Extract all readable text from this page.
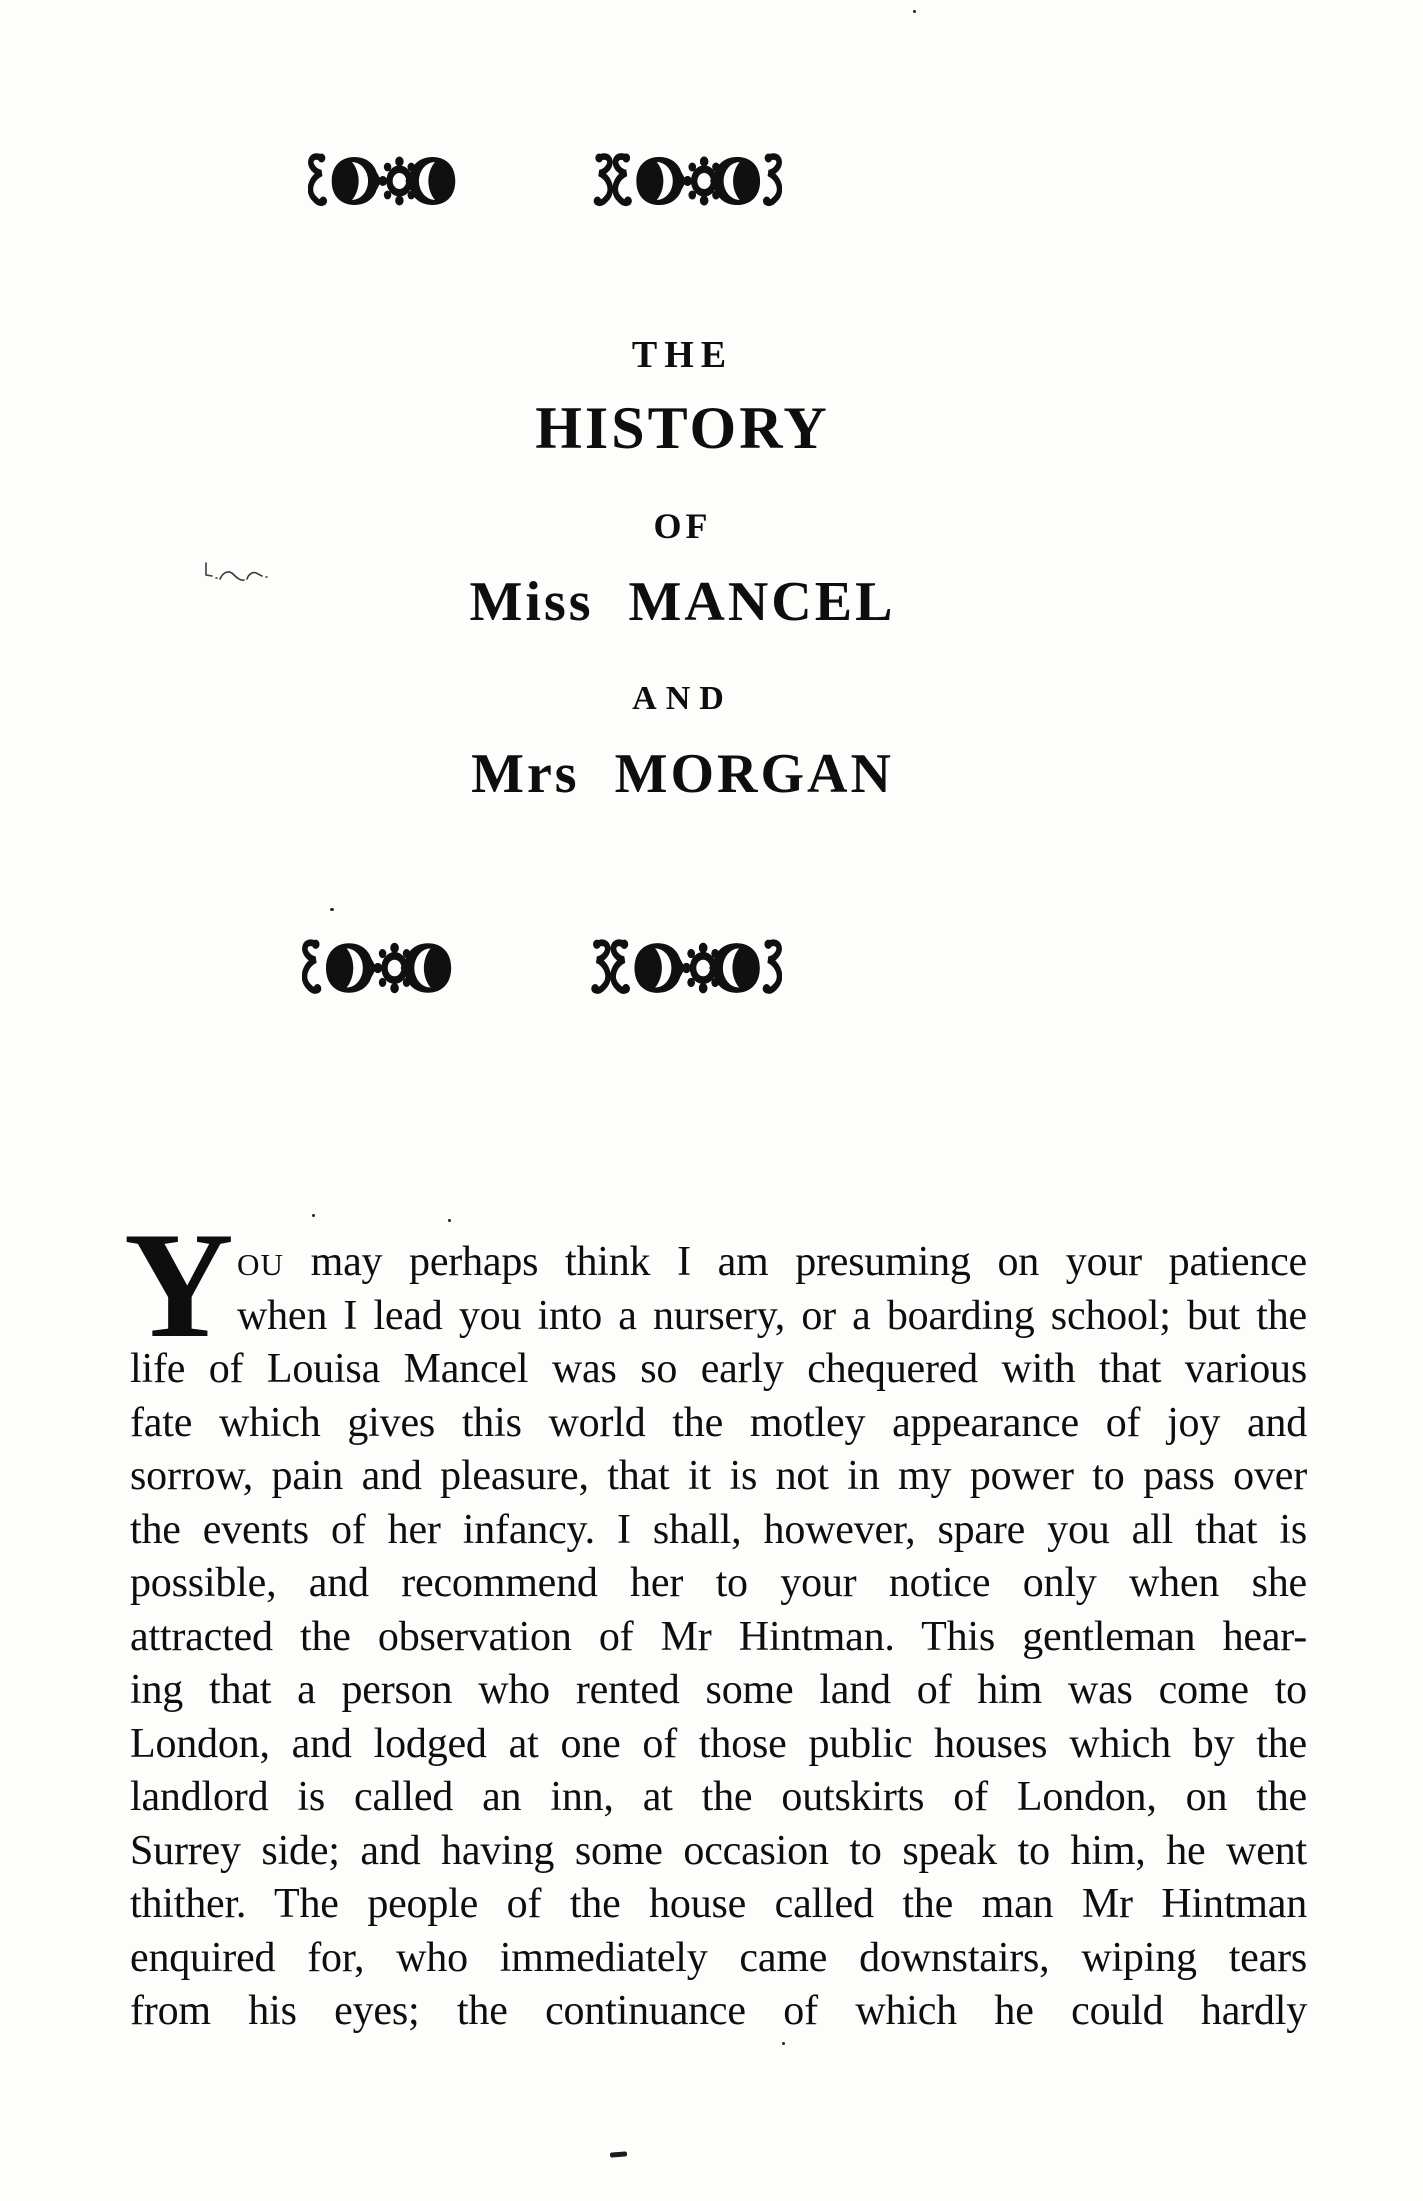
THE
HISTORY
OF
Miss MANCEL
AND
Mrs MORGAN
Y OU may perhaps think I am presuming on your patience
when I lead you into a nursery, or a boarding school; but the
life of Louisa Mancel was so early chequered with that various
fate which gives this world the motley appearance of joy and
sorrow, pain and pleasure, that it is not in my power to pass over
the events of her infancy. I shall, however, spare you all that is
possible, and recommend her to your notice only when she
attracted the observation of Mr Hintman. This gentleman hear-
ing that a person who rented some land of him was come to
London, and lodged at one of those public houses which by the
landlord is called an inn, at the outskirts of London, on the
Surrey side; and having some occasion to speak to him, he went
thither. The people of the house called the man Mr Hintman
enquired for, who immediately came downstairs, wiping tears
from his eyes; the continuance of which he could hardly
